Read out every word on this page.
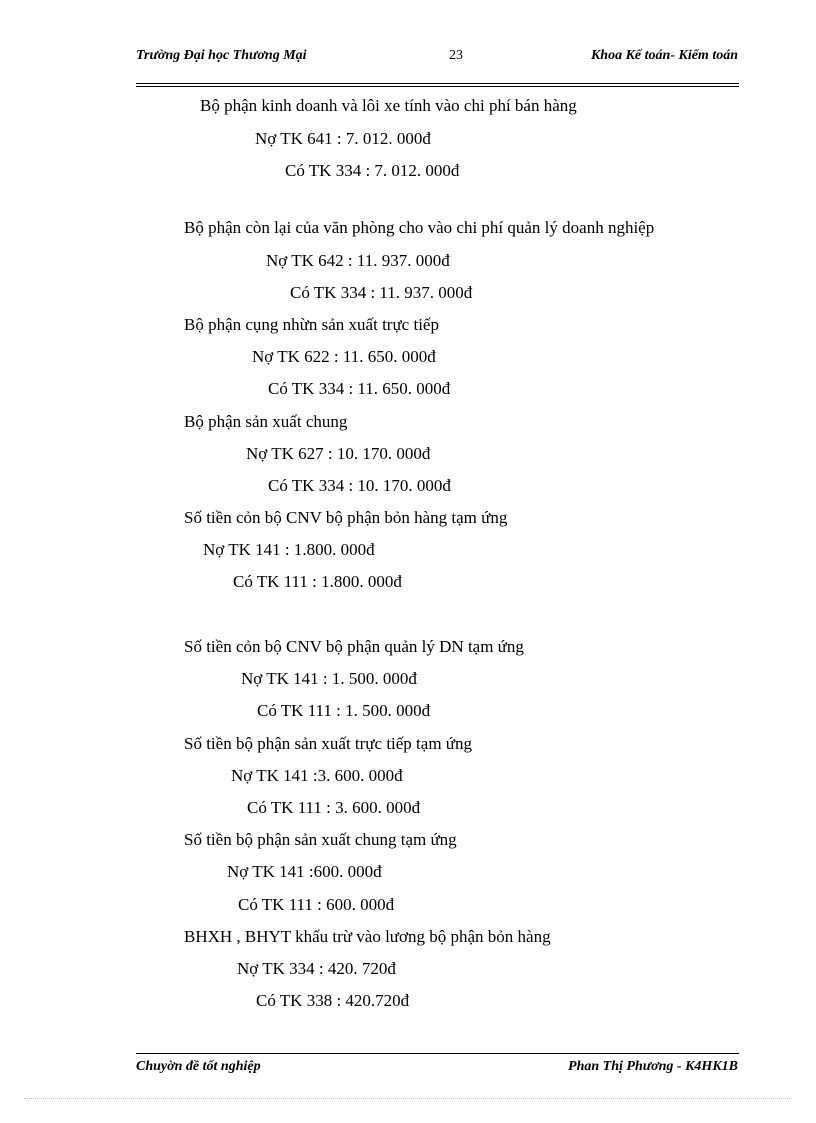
Trường Đại học Thương Mại	23	Khoa Kế toán- Kiểm toán
Bộ phận kinh doanh và lôi xe tính vào chi phí bán hàng
Nợ TK 641 : 7. 012. 000đ
Có TK 334 : 7. 012. 000đ
Bộ phận còn lại của văn phòng cho vào chi phí quản lý doanh nghiệp
Nợ TK 642 : 11. 937. 000đ
Có TK 334 : 11. 937. 000đ
Bộ phận cụng nhừn sản xuất trực tiếp
Nợ TK 622 : 11. 650. 000đ
Có TK 334 : 11. 650. 000đ
Bộ phận sản xuất chung
Nợ TK 627 : 10. 170. 000đ
Có TK 334 : 10. 170. 000đ
Số tiền cỏn bộ CNV bộ phận bỏn hàng tạm ứng
Nợ TK 141 : 1.800. 000đ
Có TK 111 : 1.800. 000đ
Số tiền cỏn bộ CNV bộ phận quản lý DN tạm ứng
Nợ TK 141 : 1. 500. 000đ
Có TK 111 : 1. 500. 000đ
Số tiền bộ phận sản xuất trực tiếp tạm ứng
Nợ TK 141 :3. 600. 000đ
Có TK 111 : 3. 600. 000đ
Số tiền bộ phận sản xuất chung tạm ứng
Nợ TK 141 :600. 000đ
Có TK 111 : 600. 000đ
BHXH , BHYT khấu trừ vào lương bộ phận bỏn hàng
Nợ TK 334 : 420. 720đ
Có TK 338 : 420.720đ
Chuyờn đề tốt nghiệp	Phan Thị Phương - K4HK1B
